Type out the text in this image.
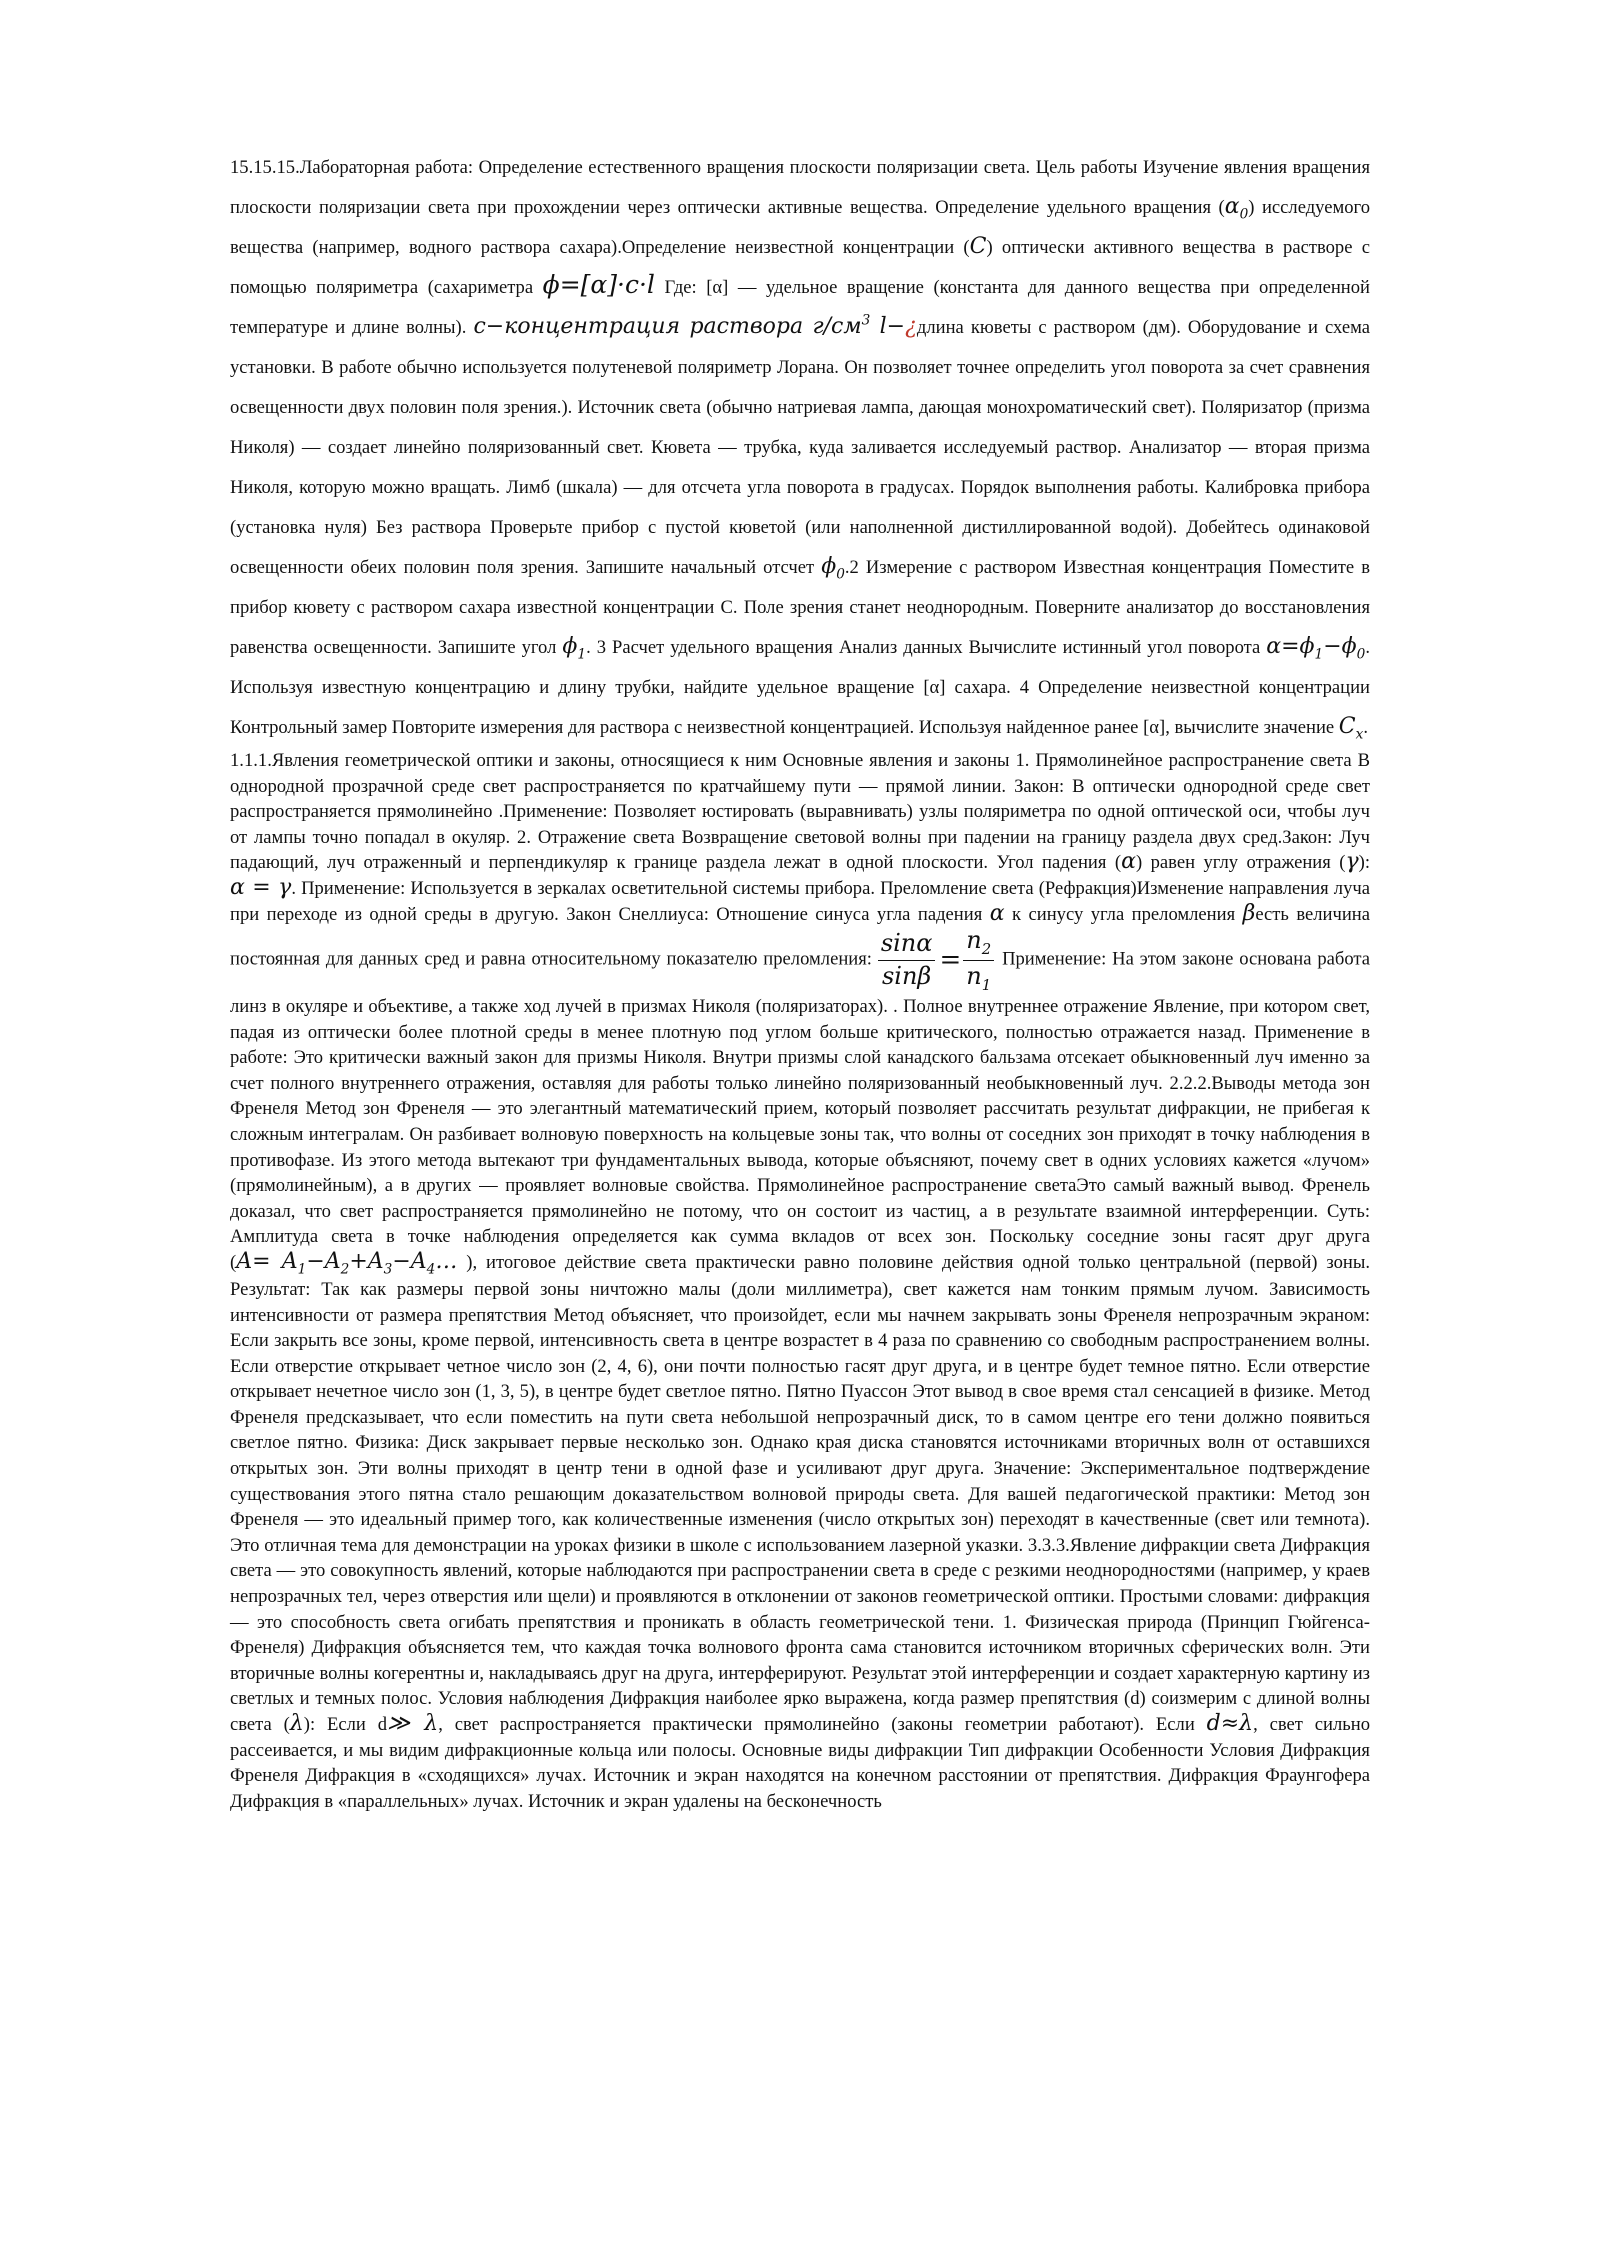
15.15.15.Лабораторная работа: Определение естественного вращения плоскости поляризации света. Цель работы Изучение явления вращения плоскости поляризации света при прохождении через оптически активные вещества. Определение удельного вращения $(\alpha_0)$ исследуемого вещества (например, водного раствора сахара).Определение неизвестной концентрации (C) оптически активного вещества в растворе с помощью поляриметра (сахариметра ϕ=[α]·c·l Где: [α] — удельное вращение (константа для данного вещества при определенной температуре и длине волны). c−концентрация раствора $г/см^3$ l−¿длина кюветы с раствором (дм). Оборудование и схема установки. В работе обычно используется полутеневой поляриметр Лорана. Он позволяет точнее определить угол поворота за счет сравнения освещенности двух половин поля зрения.). Источник света (обычно натриевая лампа, дающая монохроматический свет). Поляризатор (призма Николя) — создает линейно поляризованный свет. Кювета — трубка, куда заливается исследуемый раствор. Анализатор — вторая призма Николя, которую можно вращать. Лимб (шкала) — для отсчета угла поворота в градусах. Порядок выполнения работы. Калибровка прибора (установка нуля) Без раствора Проверьте прибор с пустой кюветой (или наполненной дистиллированной водой). Добейтесь одинаковой освещенности обеих половин поля зрения. Запишите начальный отсчет $\phi_0.2$ Измерение с раствором Известная концентрация Поместите в прибор кювету с раствором сахара известной концентрации C. Поле зрения станет неоднородным. Поверните анализатор до восстановления равенства освещенности. Запишите угол $\phi_1$. 3 Расчет удельного вращения Анализ данных Вычислите истинный угол поворота $\alpha=\phi_1-\phi_0$. Используя известную концентрацию и длину трубки, найдите удельное вращение [α] сахара. 4 Определение неизвестной концентрации Контрольный замер Повторите измерения для раствора с неизвестной концентрацией. Используя найденное ранее [α], вычислите значение $C_x$.

1.1.1.Явления геометрической оптики и законы, относящиеся к ним Основные явления и законы 1. Прямолинейное распространение света В однородной прозрачной среде свет распространяется по кратчайшему пути — прямой линии. Закон: В оптически однородной среде свет распространяется прямолинейно .Применение: Позволяет юстировать (выравнивать) узлы поляриметра по одной оптической оси, чтобы луч от лампы точно попадал в окуляр. 2. Отражение света Возвращение световой волны при падении на границу раздела двух сред.Закон: Луч падающий, луч отраженный и перпендикуляр к границе раздела лежат в одной плоскости. Угол падения (α) равен углу отражения (γ): α = γ. Применение: Используется в зеркалах осветительной системы прибора. Преломление света (Рефракция)Изменение направления луча при переходе из одной среды в другую. Закон Снеллиуса: Отношение синуса угла падения α к синусу угла преломления βесть величина постоянная для данных сред и равна относительному показателю преломления: $\frac{\sin\alpha}{\sin\beta} = \frac{n_2}{n_1}$ Применение: На этом законе основана работа линз в окуляре и объективе, а также ход лучей в призмах Николя (поляризаторах). . Полное внутреннее отражение Явление, при котором свет, падая из оптически более плотной среды в менее плотную под углом больше критического, полностью отражается назад. Применение в работе: Это критически важный закон для призмы Николя. Внутри призмы слой канадского бальзама отсекает обыкновенный луч именно за счет полного внутреннего отражения, оставляя для работы только линейно поляризованный необыкновенный луч. 2.2.2.Выводы метода зон Френеля Метод зон Френеля — это элегантный математический прием, который позволяет рассчитать результат дифракции, не прибегая к сложным интегралам. Он разбивает волновую поверхность на кольцевые зоны так, что волны от соседних зон приходят в точку наблюдения в противофазе. Из этого метода вытекают три фундаментальных вывода, которые объясняют, почему свет в одних условиях кажется «лучом» (прямолинейным), а в других — проявляет волновые свойства. Прямолинейное распространение светаЭто самый важный вывод. Френель доказал, что свет распространяется прямолинейно не потому, что он состоит из частиц, а в результате взаимной интерференции. Суть: Амплитуда света в точке наблюдения определяется как сумма вкладов от всех зон. Поскольку соседние зоны гасят друг друга ($A= A_1-A_2+A_3-A_4\dots$ ), итоговое действие света практически равно половине действия одной только центральной (первой) зоны. Результат: Так как размеры первой зоны ничтожно малы (доли миллиметра), свет кажется нам тонким прямым лучом. Зависимость интенсивности от размера препятствия Метод объясняет, что произойдет, если мы начнем закрывать зоны Френеля непрозрачным экраном: Если закрыть все зоны, кроме первой, интенсивность света в центре возрастет в 4 раза по сравнению со свободным распространением волны. Если отверстие открывает четное число зон (2, 4, 6), они почти полностью гасят друг друга, и в центре будет темное пятно. Если отверстие открывает нечетное число зон (1, 3, 5), в центре будет светлое пятно. Пятно Пуассон Этот вывод в свое время стал сенсацией в физике. Метод Френеля предсказывает, что если поместить на пути света небольшой непрозрачный диск, то в самом центре его тени должно появиться светлое пятно. Физика: Диск закрывает первые несколько зон. Однако края диска становятся источниками вторичных волн от оставшихся открытых зон. Эти волны приходят в центр тени в одной фазе и усиливают друг друга. Значение: Экспериментальное подтверждение существования этого пятна стало решающим доказательством волновой природы света. Для вашей педагогической практики: Метод зон Френеля — это идеальный пример того, как количественные изменения (число открытых зон) переходят в качественные (свет или темнота). Это отличная тема для демонстрации на уроках физики в школе с использованием лазерной указки. 3.3.3.Явление дифракции света Дифракция света — это совокупность явлений, которые наблюдаются при распространении света в среде с резкими неоднородностями (например, у краев непрозрачных тел, через отверстия или щели) и проявляются в отклонении от законов геометрической оптики. Простыми словами: дифракция — это способность света огибать препятствия и проникать в область геометрической тени. 1. Физическая природа (Принцип Гюйгенса-Френеля) Дифракция объясняется тем, что каждая точка волнового фронта сама становится источником вторичных сферических волн. Эти вторичные волны когерентны и, накладываясь друг на друга, интерферируют. Результат этой интерференции и создает характерную картину из светлых и темных полос. Условия наблюдения Дифракция наиболее ярко выражена, когда размер препятствия (d) соизмерим с длиной волны света (λ): Если d≫ λ, свет распространяется практически прямолинейно (законы геометрии работают). Если d≈λ, свет сильно рассеивается, и мы видим дифракционные кольца или полосы. Основные виды дифракции Тип дифракции Особенности Условия Дифракция Френеля Дифракция в «сходящихся» лучах. Источник и экран находятся на конечном расстоянии от препятствия. Дифракция Фраунгофера Дифракция в «параллельных» лучах. Источник и экран удалены на бесконечность
